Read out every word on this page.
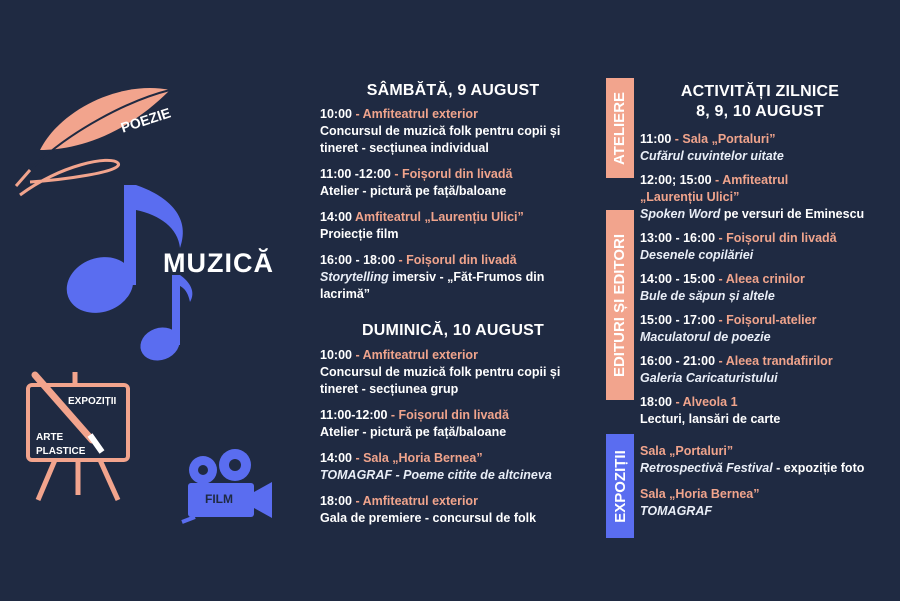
POEZIE
MUZICĂ
EXPOZIȚII
ARTE
PLASTICE
FILM
SÂMBĂTĂ, 9 AUGUST
10:00 - Amfiteatrul exterior
Concursul de muzică folk pentru copii și tineret - secțiunea individual
11:00 -12:00 - Foișorul din livadă
Atelier - pictură pe față/baloane
14:00 Amfiteatrul „Laurențiu Ulici”
Proiecție film
16:00 - 18:00 - Foișorul din livadă
Storytelling imersiv - „Făt-Frumos din lacrimă”
DUMINICĂ, 10 AUGUST
10:00 - Amfiteatrul exterior
Concursul de muzică folk pentru copii și tineret - secțiunea grup
11:00-12:00 - Foișorul din livadă
Atelier - pictură pe față/baloane
14:00 - Sala „Horia Bernea”
TOMAGRAF - Poeme citite de altcineva
18:00 - Amfiteatrul exterior
Gala de premiere - concursul de folk
ATELIERE
EDITURI ȘI EDITORI
EXPOZIȚII
ACTIVITĂȚI ZILNICE
8, 9, 10 AUGUST
11:00 - Sala „Portaluri”
Cufărul cuvintelor uitate
12:00; 15:00 - Amfiteatrul
„Laurențiu Ulici”
Spoken Word pe versuri de Eminescu
13:00 - 16:00 - Foișorul din livadă
Desenele copilăriei
14:00 - 15:00 - Aleea crinilor
Bule de săpun și altele
15:00 - 17:00 - Foișorul-atelier
Maculatorul de poezie
16:00 - 21:00 - Aleea trandafirilor
Galeria Caricaturistului
18:00 - Alveola 1
Lecturi, lansări de carte
Sala „Portaluri”
Retrospectivă Festival - expoziție foto
Sala „Horia Bernea”
TOMAGRAF
